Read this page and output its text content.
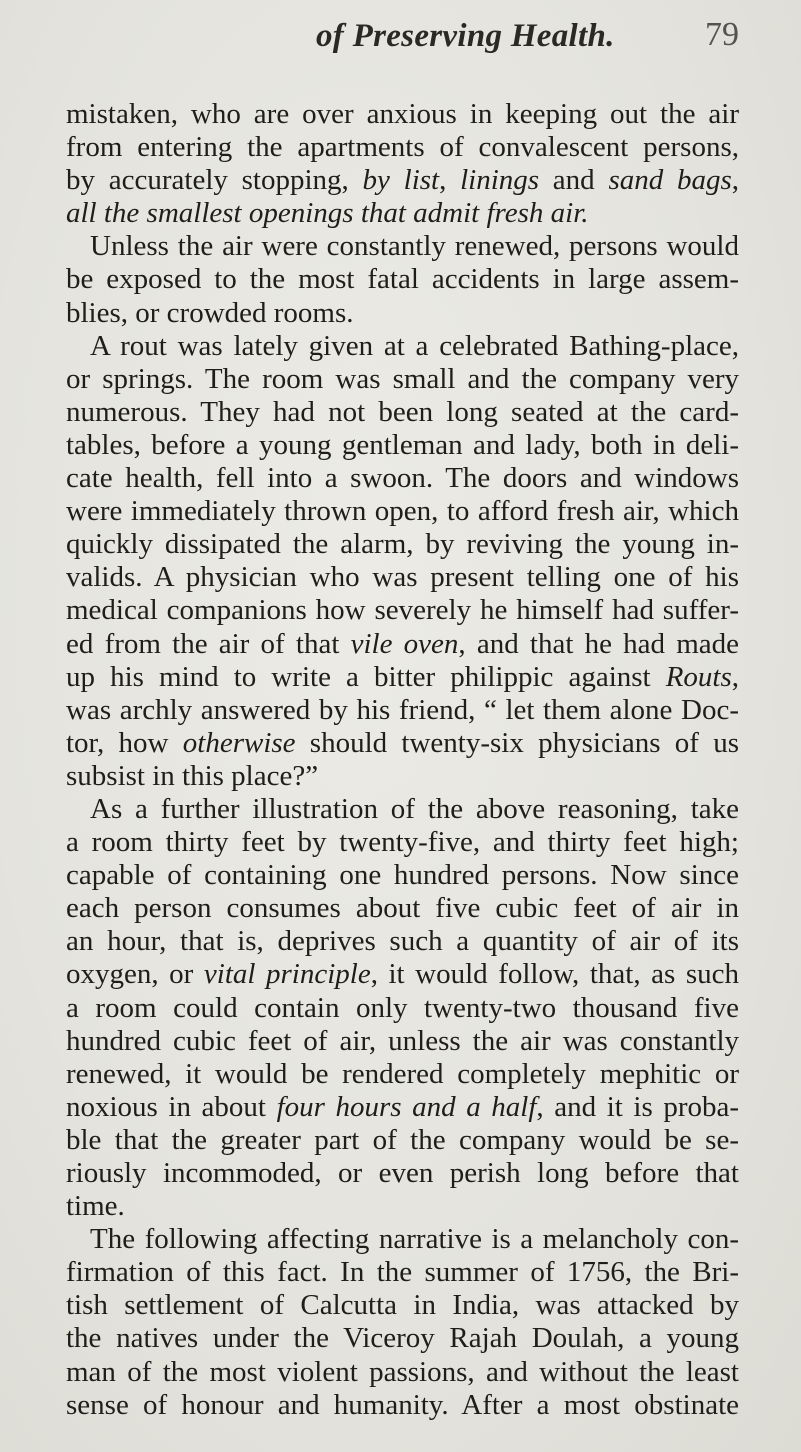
of Preserving Health.	79
mistaken, who are over anxious in keeping out the air
from entering the apartments of convalescent persons,
by accurately stopping, by list, linings and sand bags,
all the smallest openings that admit fresh air.
Unless the air were constantly renewed, persons would
be exposed to the most fatal accidents in large assem-
blies, or crowded rooms.
A rout was lately given at a celebrated Bathing-place,
or springs. The room was small and the company very
numerous. They had not been long seated at the card-
tables, before a young gentleman and lady, both in deli-
cate health, fell into a swoon. The doors and windows
were immediately thrown open, to afford fresh air, which
quickly dissipated the alarm, by reviving the young in-
valids. A physician who was present telling one of his
medical companions how severely he himself had suffer-
ed from the air of that vile oven, and that he had made
up his mind to write a bitter philippic against Routs,
was archly answered by his friend, “ let them alone Doc-
tor, how otherwise should twenty-six physicians of us
subsist in this place?”
As a further illustration of the above reasoning, take
a room thirty feet by twenty-five, and thirty feet high;
capable of containing one hundred persons. Now since
each person consumes about five cubic feet of air in
an hour, that is, deprives such a quantity of air of its
oxygen, or vital principle, it would follow, that, as such
a room could contain only twenty-two thousand five
hundred cubic feet of air, unless the air was constantly
renewed, it would be rendered completely mephitic or
noxious in about four hours and a half, and it is proba-
ble that the greater part of the company would be se-
riously incommoded, or even perish long before that
time.
The following affecting narrative is a melancholy con-
firmation of this fact. In the summer of 1756, the Bri-
tish settlement of Calcutta in India, was attacked by
the natives under the Viceroy Rajah Doulah, a young
man of the most violent passions, and without the least
sense of honour and humanity. After a most obstinate
